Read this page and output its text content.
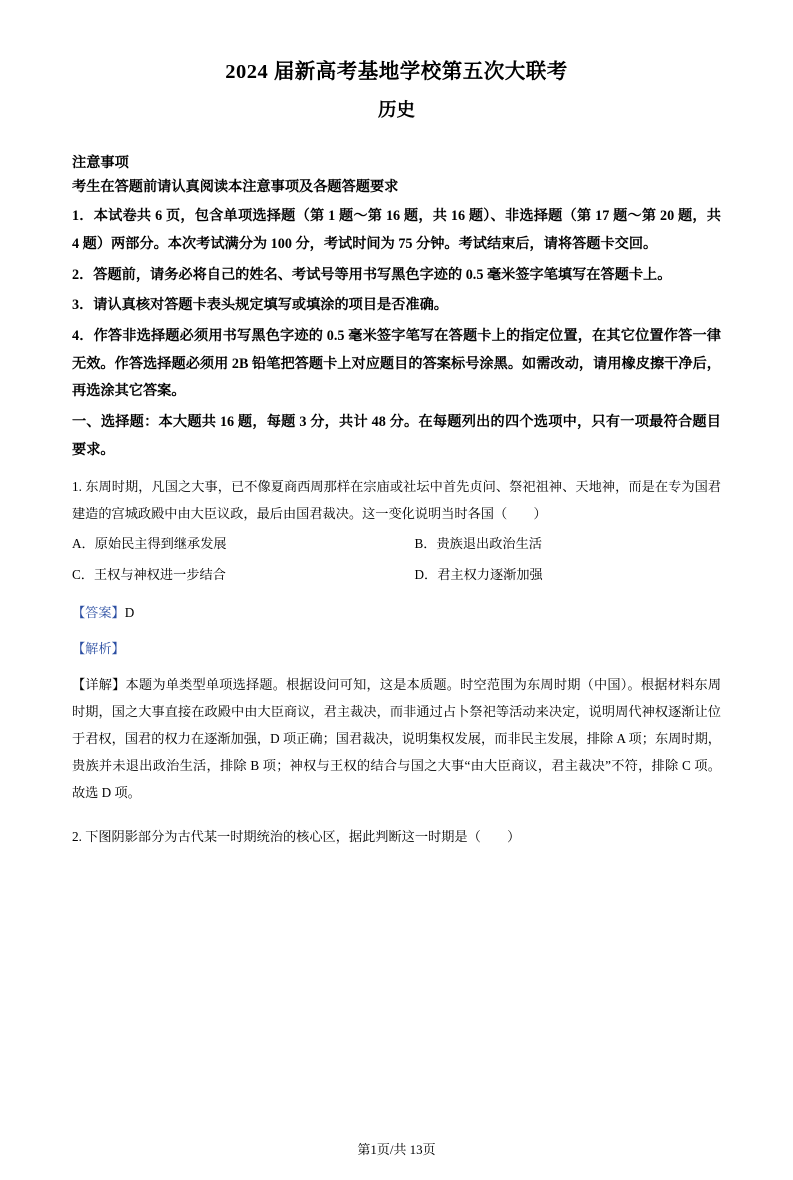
2024 届新高考基地学校第五次大联考
历史
注意事项
考生在答题前请认真阅读本注意事项及各题答题要求
1．本试卷共 6 页，包含单项选择题（第 1 题～第 16 题，共 16 题）、非选择题（第 17 题～第 20 题，共 4 题）两部分。本次考试满分为 100 分，考试时间为 75 分钟。考试结束后，请将答题卡交回。
2．答题前，请务必将自己的姓名、考试号等用书写黑色字迹的 0.5 毫米签字笔填写在答题卡上。
3．请认真核对答题卡表头规定填写或填涂的项目是否准确。
4．作答非选择题必须用书写黑色字迹的 0.5 毫米签字笔写在答题卡上的指定位置，在其它位置作答一律无效。作答选择题必须用 2B 铅笔把答题卡上对应题目的答案标号涂黑。如需改动，请用橡皮擦干净后，再选涂其它答案。
一、选择题：本大题共 16 题，每题 3 分，共计 48 分。在每题列出的四个选项中，只有一项最符合题目要求。
1. 东周时期，凡国之大事，已不像夏商西周那样在宗庙或社坛中首先贞问、祭祀祖神、天地神，而是在专为国君建造的宫城政殿中由大臣议政，最后由国君裁决。这一变化说明当时各国（　　）
A．原始民主得到继承发展	B．贵族退出政治生活
C．王权与神权进一步结合	D．君主权力逐渐加强
【答案】D
【解析】
【详解】本题为单类型单项选择题。根据设问可知，这是本质题。时空范围为东周时期（中国）。根据材料东周时期，国之大事直接在政殿中由大臣商议，君主裁决，而非通过占卜祭祀等活动来决定，说明周代神权逐渐让位于君权，国君的权力在逐渐加强，D 项正确；国君裁决，说明集权发展，而非民主发展，排除 A 项；东周时期，贵族并未退出政治生活，排除 B 项；神权与王权的结合与国之大事“由大臣商议，君主裁决”不符，排除 C 项。故选 D 项。
2. 下图阴影部分为古代某一时期统治的核心区，据此判断这一时期是（　　）
第1页/共 13页
